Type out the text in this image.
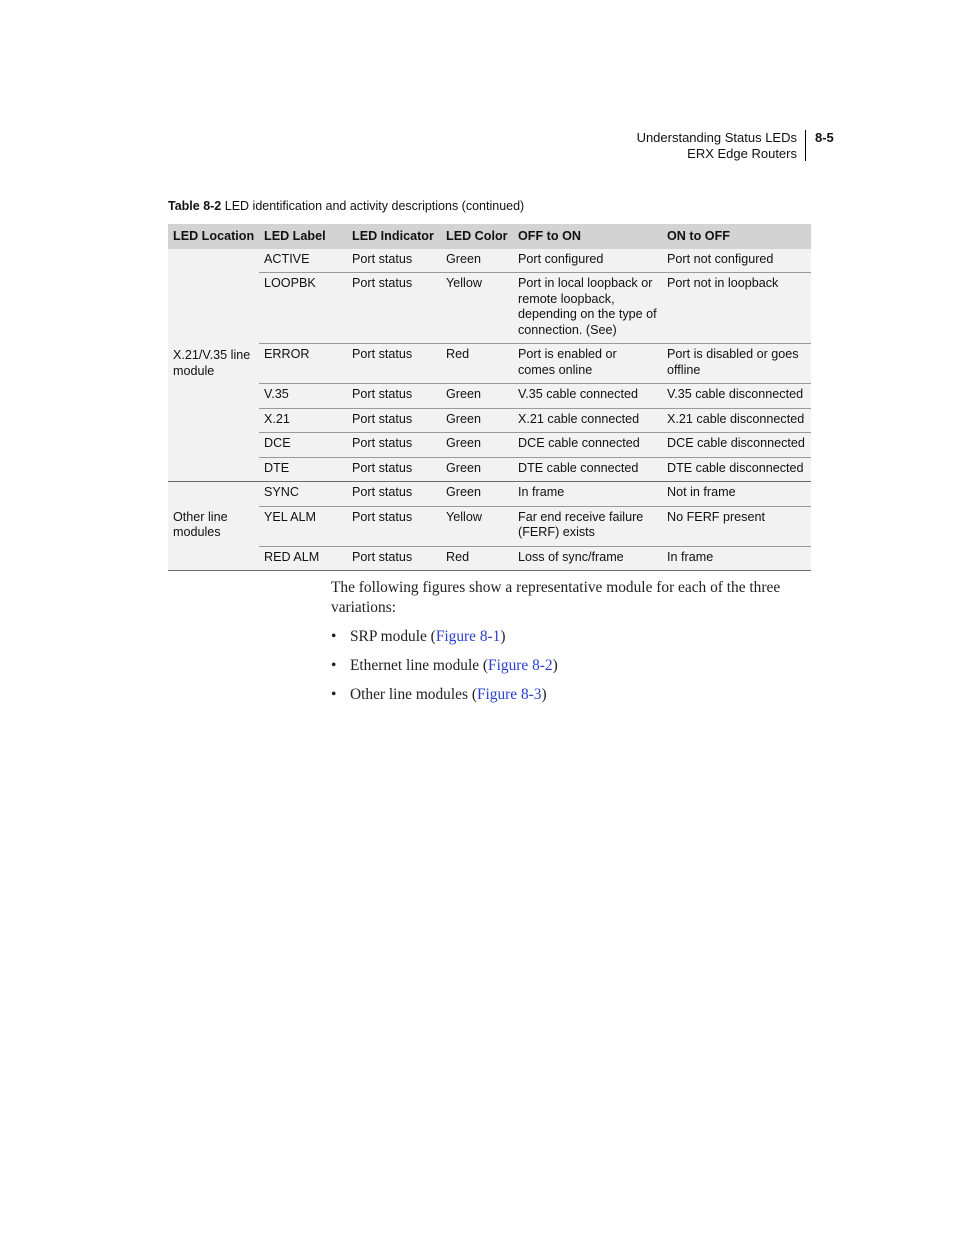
Understanding Status LEDs
ERX Edge Routers
8-5
Table 8-2 LED identification and activity descriptions (continued)
LED Location	LED Label	LED Indicator	LED Color	OFF to ON	ON to OFF
X.21/V.35 line module	ACTIVE	Port status	Green	Port configured	Port not configured
	LOOPBK	Port status	Yellow	Port in local loopback or remote loopback, depending on the type of connection. (See)	Port not in loopback
	ERROR	Port status	Red	Port is enabled or comes online	Port is disabled or goes offline
	V.35	Port status	Green	V.35 cable connected	V.35 cable disconnected
	X.21	Port status	Green	X.21 cable connected	X.21 cable disconnected
	DCE	Port status	Green	DCE cable connected	DCE cable disconnected
	DTE	Port status	Green	DTE cable connected	DTE cable disconnected
Other line modules	SYNC	Port status	Green	In frame	Not in frame
	YEL ALM	Port status	Yellow	Far end receive failure (FERF) exists	No FERF present
	RED ALM	Port status	Red	Loss of sync/frame	In frame

The following figures show a representative module for each of the three variations:

• SRP module (Figure 8-1)
• Ethernet line module (Figure 8-2)
• Other line modules (Figure 8-3)
